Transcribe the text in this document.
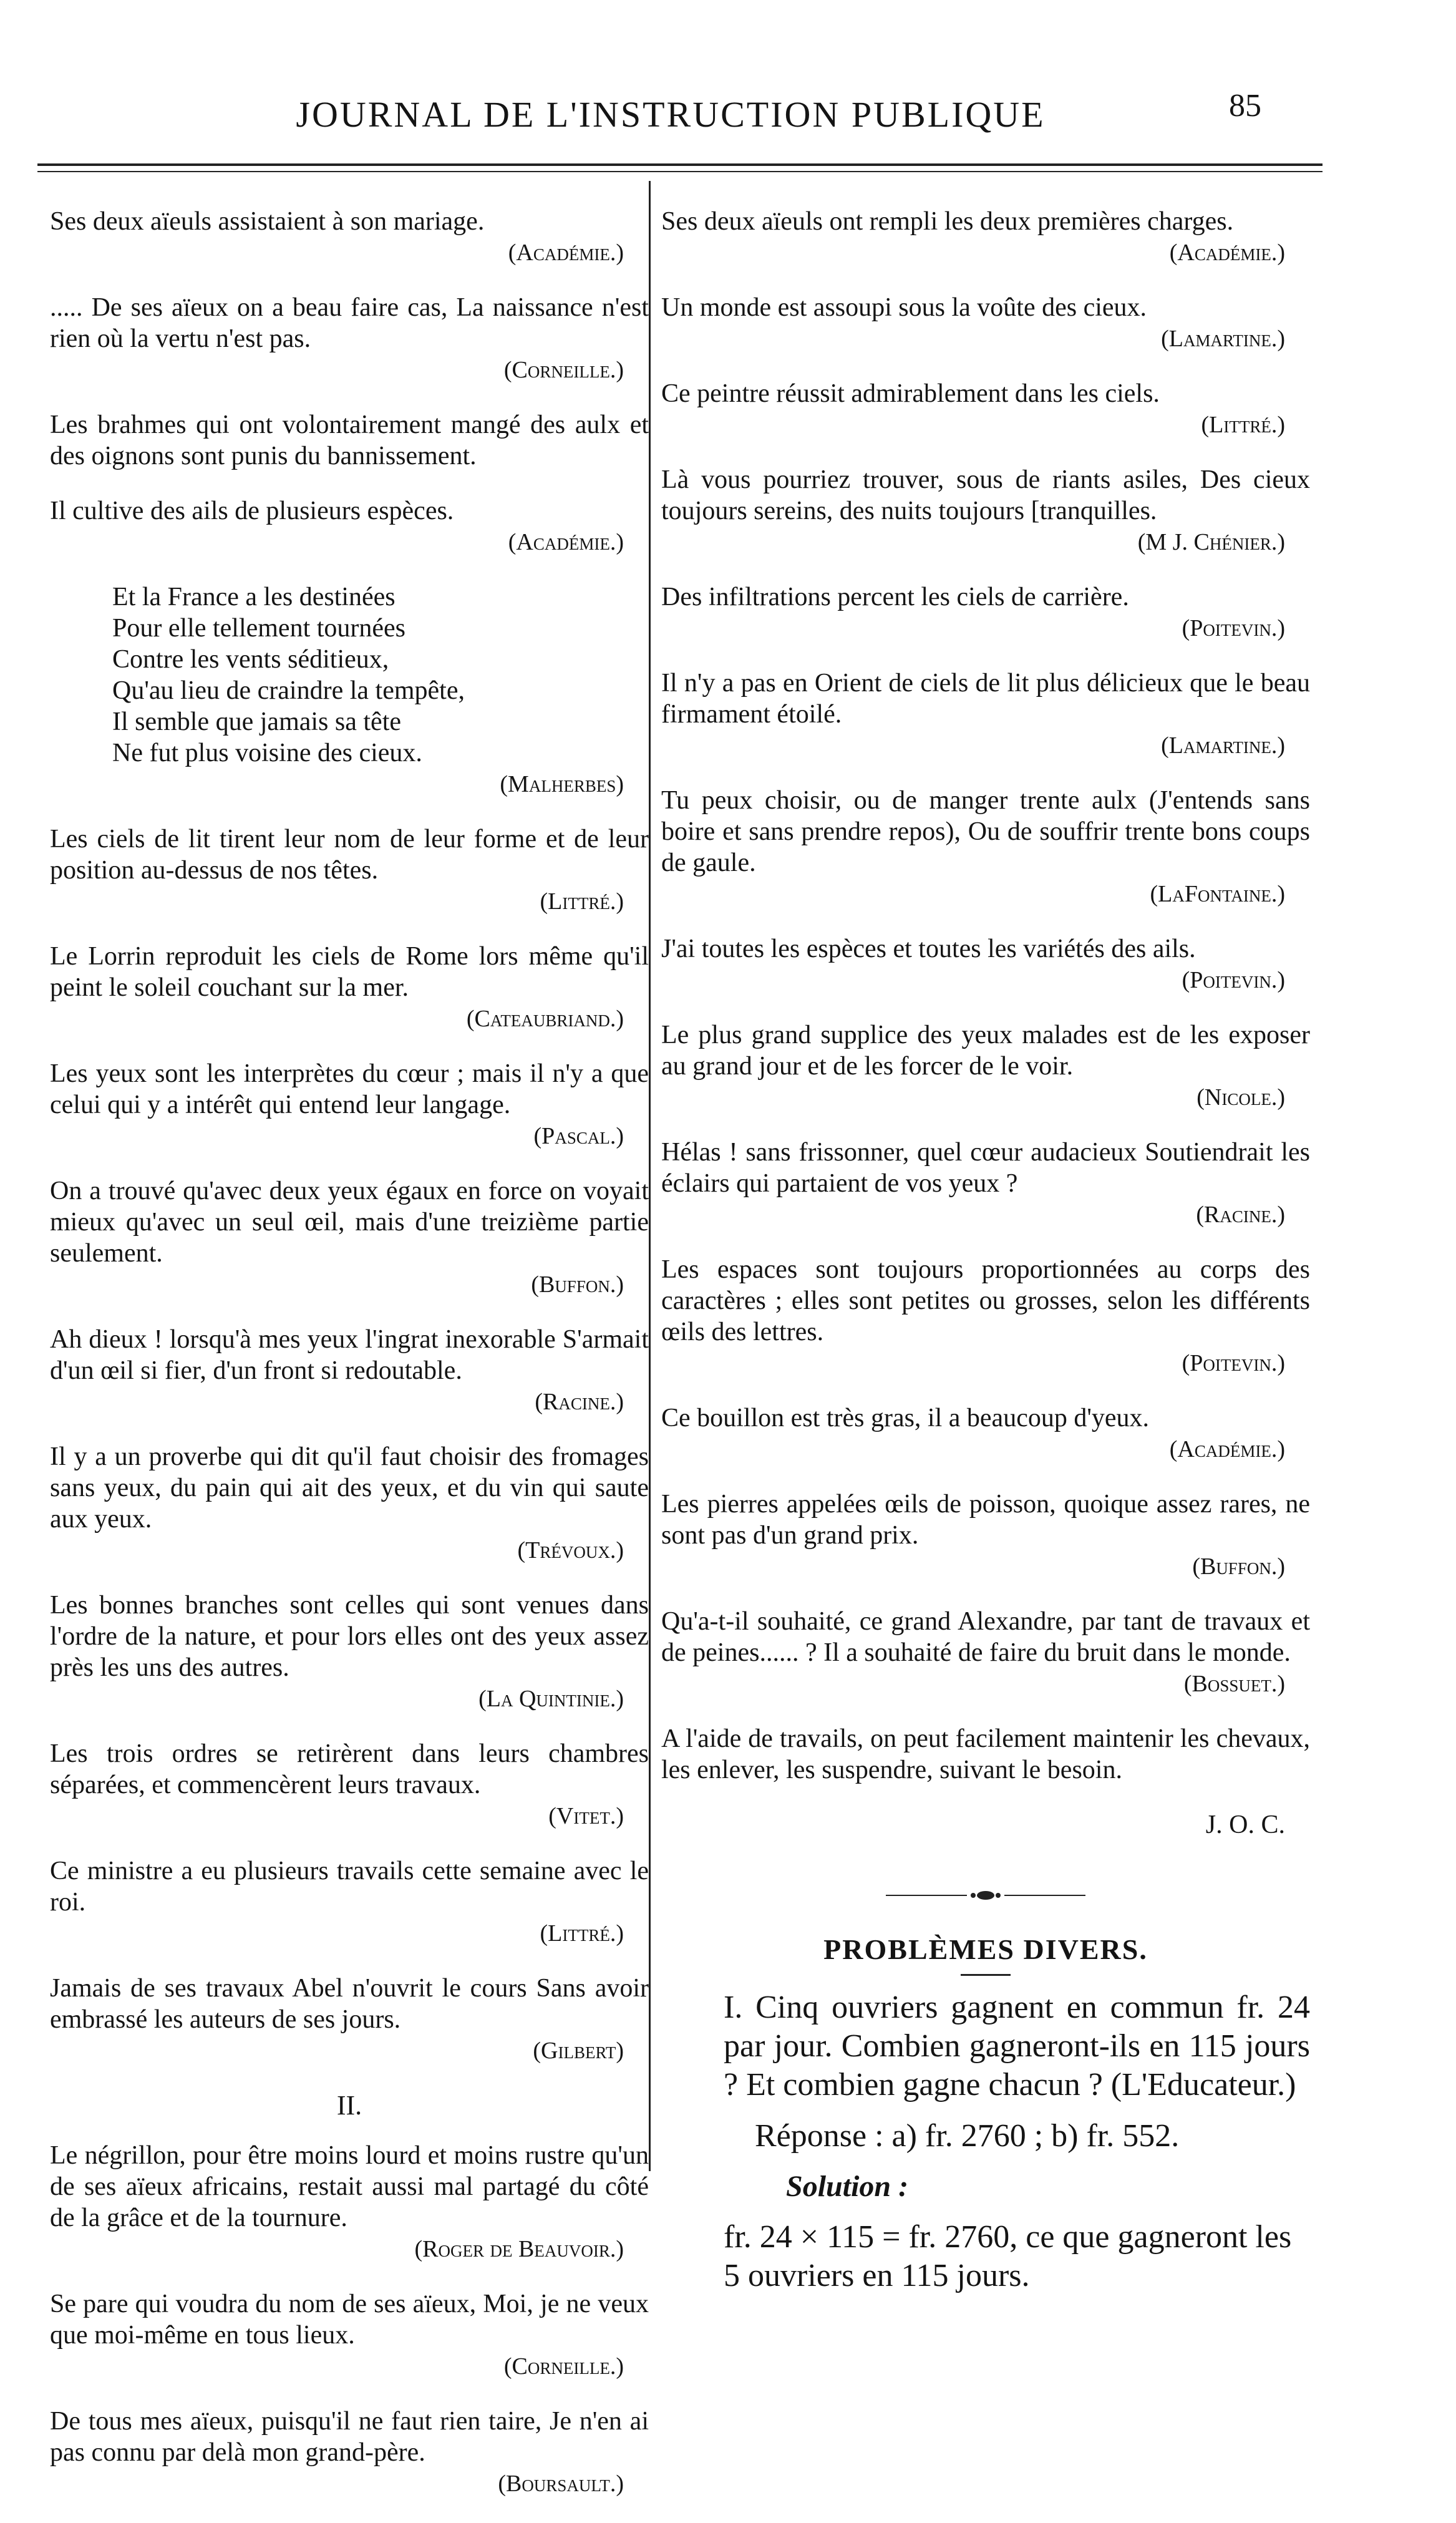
JOURNAL DE L'INSTRUCTION PUBLIQUE	85
Ses deux aïeuls assistaient à son mariage.
(Académie.)
..... De ses aïeux on a beau faire cas, La naissance n'est rien où la vertu n'est pas.
(Corneille.)
Les brahmes qui ont volontairement mangé des aulx et des oignons sont punis du bannissement.
Il cultive des ails de plusieurs espèces.
(Académie.)
Et la France a les destinées
Pour elle tellement tournées
Contre les vents séditieux,
Qu'au lieu de craindre la tempête,
Il semble que jamais sa tête
Ne fut plus voisine des cieux.
(Malherbes)
Les ciels de lit tirent leur nom de leur forme et de leur position au-dessus de nos têtes.
(Littré.)
Le Lorrin reproduit les ciels de Rome lors même qu'il peint le soleil couchant sur la mer.
(Cateaubriand.)
Les yeux sont les interprètes du cœur ; mais il n'y a que celui qui y a intérêt qui entend leur langage.
(Pascal.)
On a trouvé qu'avec deux yeux égaux en force on voyait mieux qu'avec un seul œil, mais d'une treizième partie seulement.
(Buffon.)
Ah dieux ! lorsqu'à mes yeux l'ingrat inexorable S'armait d'un œil si fier, d'un front si redoutable.
(Racine.)
Il y a un proverbe qui dit qu'il faut choisir des fromages sans yeux, du pain qui ait des yeux, et du vin qui saute aux yeux.
(Trévoux.)
Les bonnes branches sont celles qui sont venues dans l'ordre de la nature, et pour lors elles ont des yeux assez près les uns des autres.
(La Quintinie.)
Les trois ordres se retirèrent dans leurs chambres séparées, et commencèrent leurs travaux.
(Vitet.)
Ce ministre a eu plusieurs travails cette semaine avec le roi.
(Littré.)
Jamais de ses travaux Abel n'ouvrit le cours Sans avoir embrassé les auteurs de ses jours.
(Gilbert)
II.
Le négrillon, pour être moins lourd et moins rustre qu'un de ses aïeux africains, restait aussi mal partagé du côté de la grâce et de la tournure.
(Roger de Beauvoir.)
Se pare qui voudra du nom de ses aïeux, Moi, je ne veux que moi-même en tous lieux.
(Corneille.)
De tous mes aïeux, puisqu'il ne faut rien taire, Je n'en ai pas connu par delà mon grand-père.
(Boursault.)
Ses deux aïeuls ont rempli les deux premières charges.
(Académie.)
Un monde est assoupi sous la voûte des cieux.
(Lamartine.)
Ce peintre réussit admirablement dans les ciels.
(Littré.)
Là vous pourriez trouver, sous de riants asiles, Des cieux toujours sereins, des nuits toujours [tranquilles.
(M J. Chénier.)
Des infiltrations percent les ciels de carrière.
(Poitevin.)
Il n'y a pas en Orient de ciels de lit plus délicieux que le beau firmament étoilé.
(Lamartine.)
Tu peux choisir, ou de manger trente aulx (J'entends sans boire et sans prendre repos), Ou de souffrir trente bons coups de gaule.
(LaFontaine.)
J'ai toutes les espèces et toutes les variétés des ails.
(Poitevin.)
Le plus grand supplice des yeux malades est de les exposer au grand jour et de les forcer de le voir.
(Nicole.)
Hélas ! sans frissonner, quel cœur audacieux Soutiendrait les éclairs qui partaient de vos yeux ?
(Racine.)
Les espaces sont toujours proportionnées au corps des caractères ; elles sont petites ou grosses, selon les différents œils des lettres.
(Poitevin.)
Ce bouillon est très gras, il a beaucoup d'yeux.
(Académie.)
Les pierres appelées œils de poisson, quoique assez rares, ne sont pas d'un grand prix.
(Buffon.)
Qu'a-t-il souhaité, ce grand Alexandre, par tant de travaux et de peines...... ? Il a souhaité de faire du bruit dans le monde.
(Bossuet.)
A l'aide de travails, on peut facilement maintenir les chevaux, les enlever, les suspendre, suivant le besoin.
J. O. C.
PROBLÈMES DIVERS.
I. Cinq ouvriers gagnent en commun fr. 24 par jour. Combien gagneront-ils en 115 jours ? Et combien gagne chacun ? (L'Educateur.)
Réponse : a) fr. 2760 ; b) fr. 552.
Solution :
fr. 24 × 115 = fr. 2760, ce que gagneront les 5 ouvriers en 115 jours.
